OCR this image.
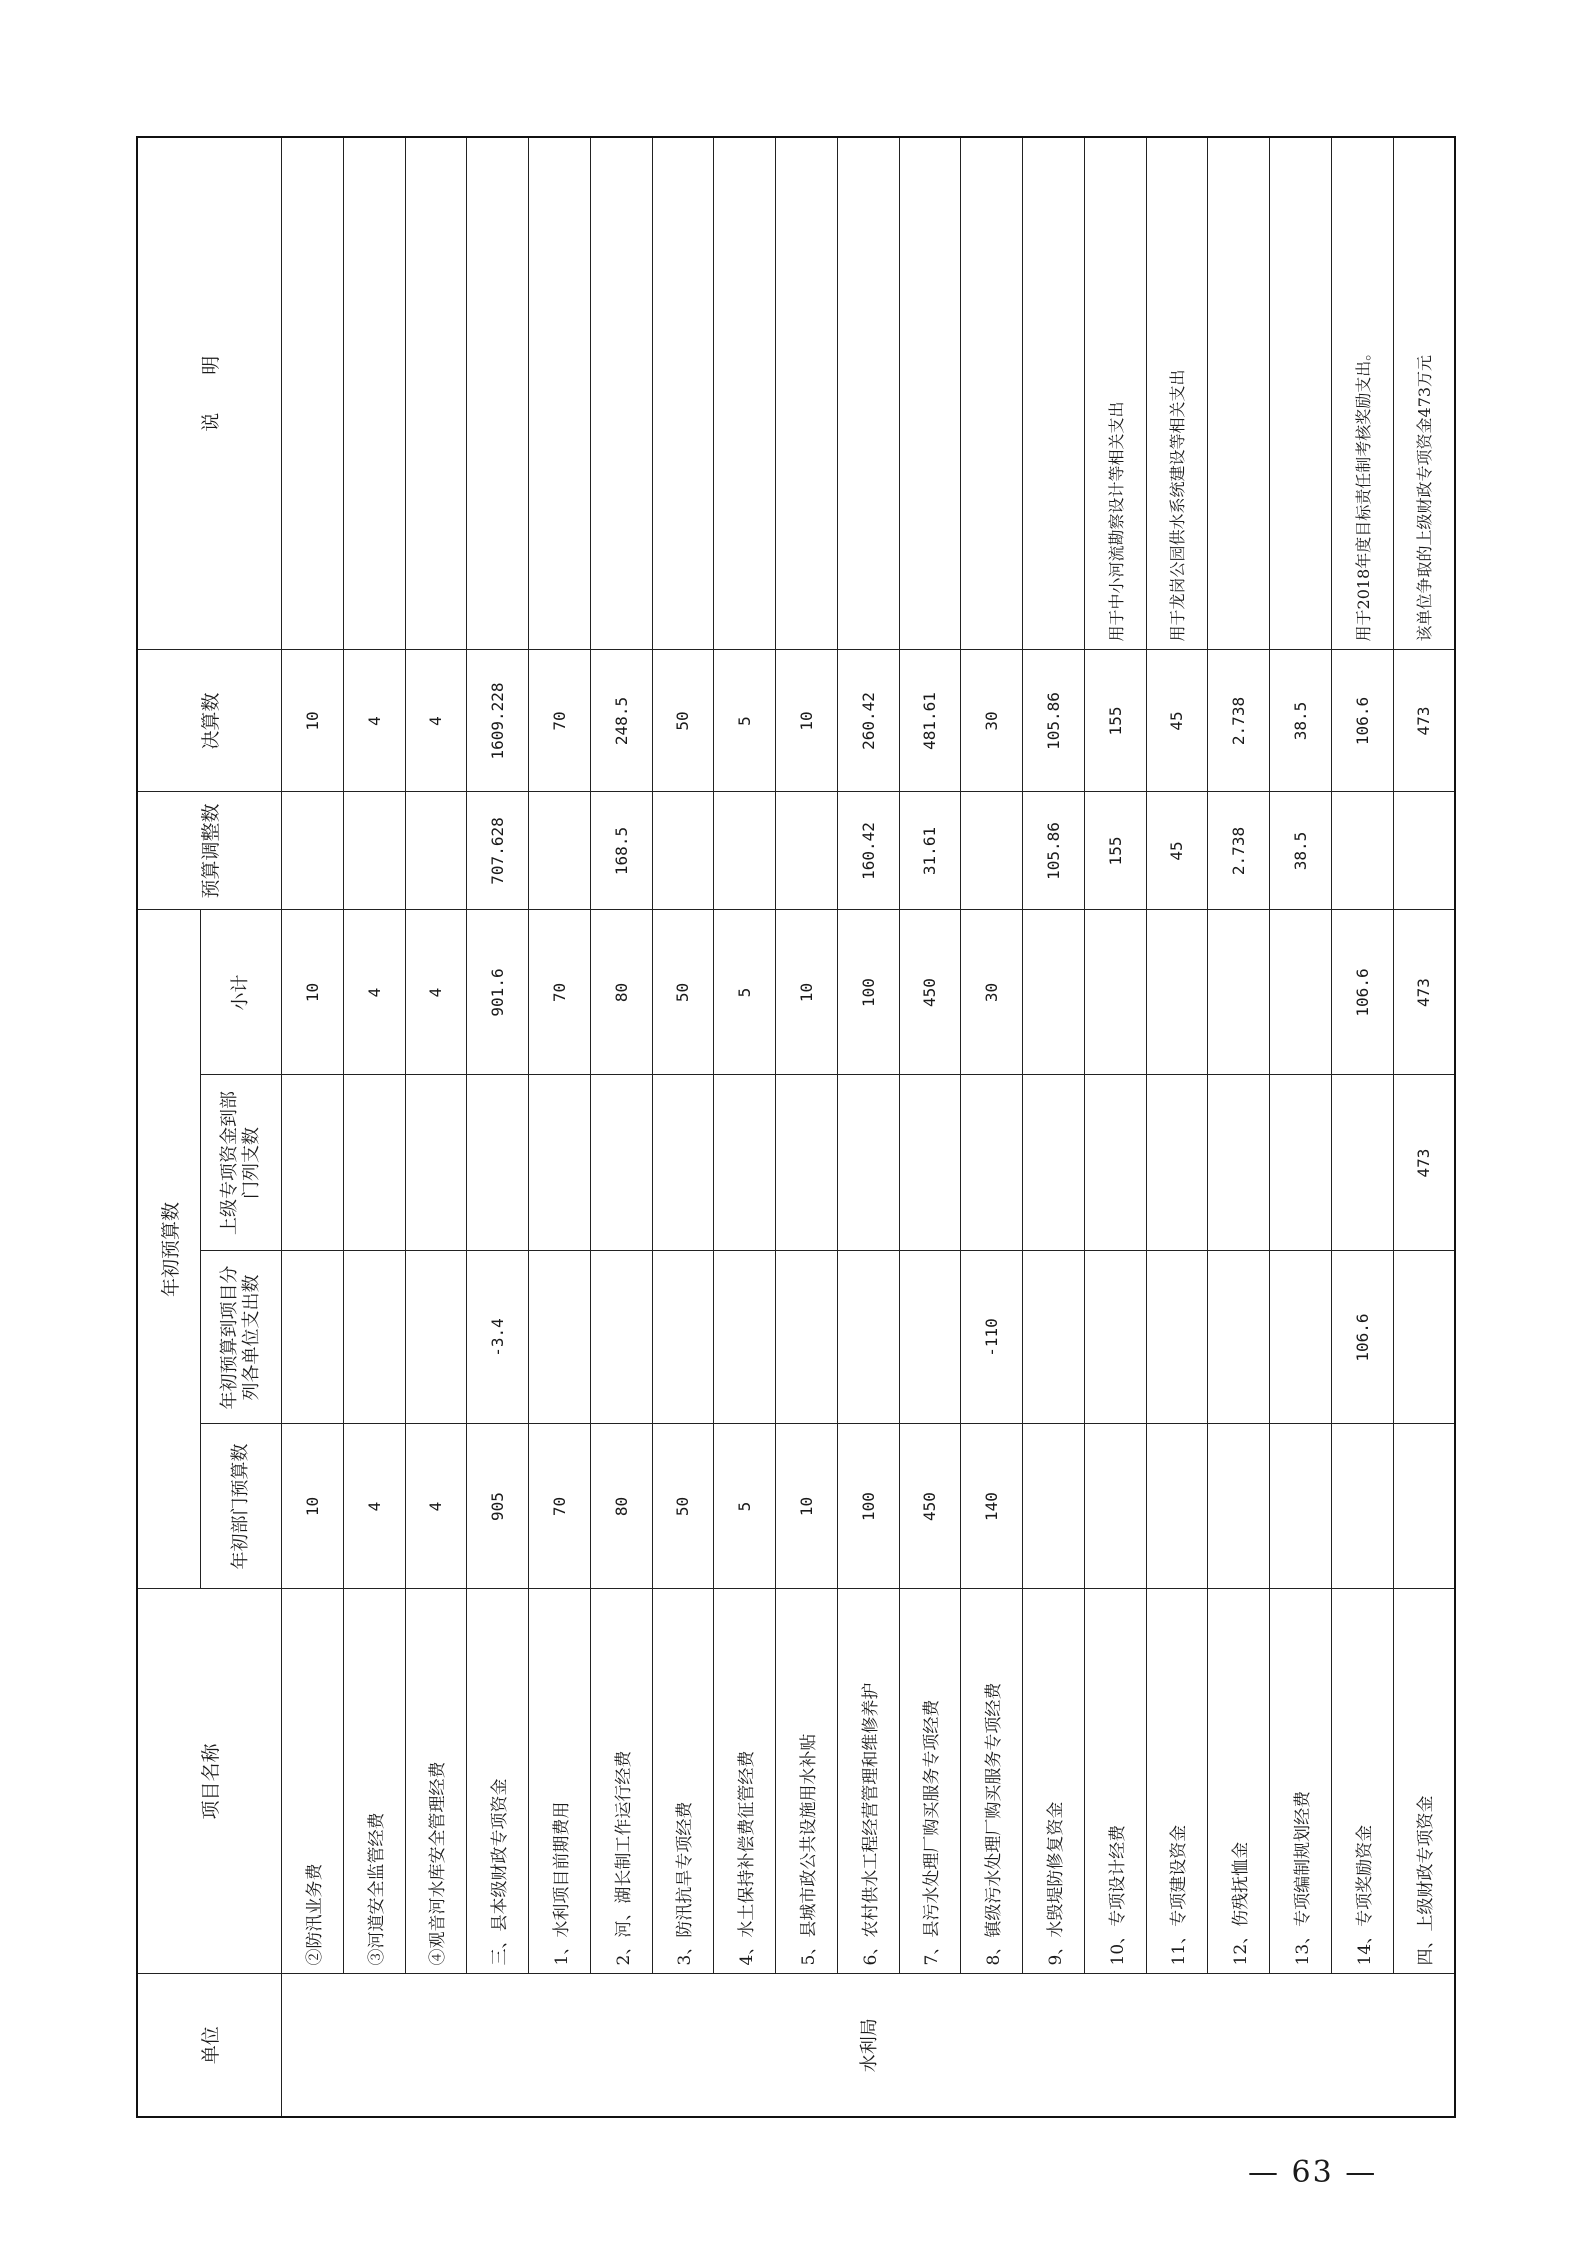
单位	项目名称	年初预算数				预算调整数	决算数	说　　明
		年初部门预算数	年初预算到项目分列各单位支出数	上级专项资金到部门列支数	小计			
水利局	②防汛业务费	10			10		10	
	③河道安全监管经费	4			4		4	
	④观音河水库安全管理经费	4			4		4	
	三、县本级财政专项资金	905	-3.4		901.6	707.628	1609.228	
	1、水利项目前期费用	70			70		70	
	2、河、湖长制工作运行经费	80			80	168.5	248.5	
	3、防汛抗旱专项经费	50			50		50	
	4、水土保持补偿费征管经费	5			5		5	
	5、县城市政公共设施用水补贴	10			10		10	
	6、农村供水工程经营管理和维修养护	100			100	160.42	260.42	
	7、县污水处理厂购买服务专项经费	450			450	31.61	481.61	
	8、镇级污水处理厂购买服务专项经费	140	-110		30		30	
	9、水毁堤防修复资金					105.86	105.86	
	10、专项设计经费					155	155	用于中小河流勘察设计等相关支出
	11、专项建设资金					45	45	用于龙岗公园供水系统建设等相关支出
	12、伤残抚恤金					2.738	2.738	
	13、专项编制规划经费					38.5	38.5	
	14、专项奖励资金		106.6		106.6		106.6	用于2018年度目标责任制考核奖励支出。
	四、上级财政专项资金			473	473		473	该单位争取的上级财政专项资金473万元
— 63 —
